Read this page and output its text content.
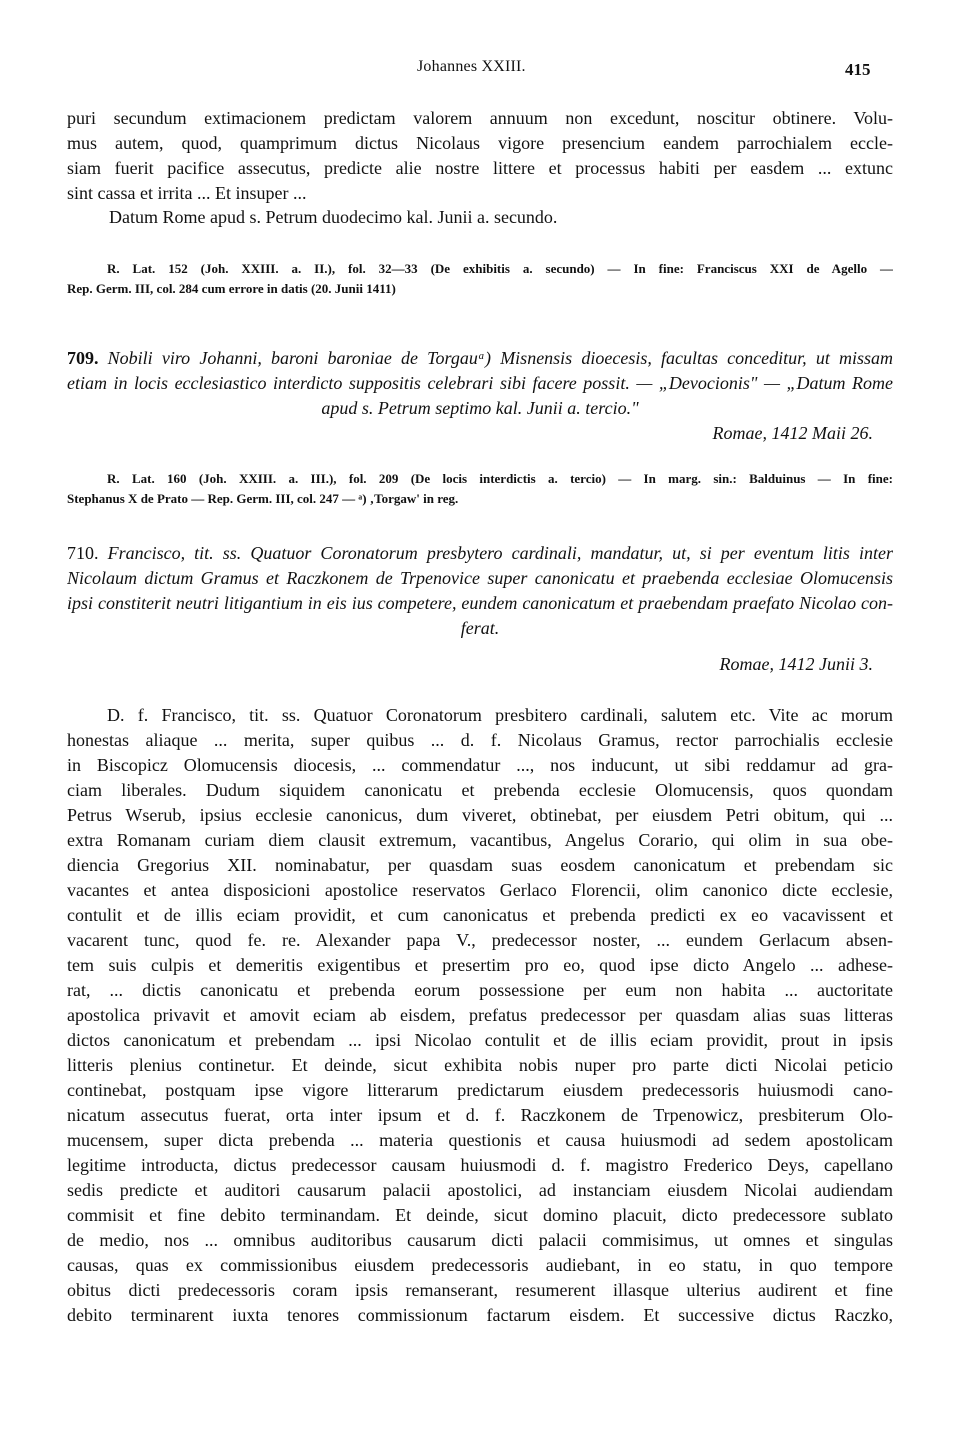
Johannes XXIII.	415
puri secundum extimacionem predictam valorem annuum non excedunt, noscitur obtinere. Volu-
mus autem, quod, quamprimum dictus Nicolaus vigore presencium eandem parrochialem eccle-
siam fuerit pacifice assecutus, predicte alie nostre littere et processus habiti per easdem ... extunc
sint cassa et irrita ... Et insuper ...
Datum Rome apud s. Petrum duodecimo kal. Junii a. secundo.
R. Lat. 152 (Joh. XXIII. a. II.), fol. 32—33 (De exhibitis a. secundo) — In fine: Franciscus XXI de Agello —
Rep. Germ. III, col. 284 cum errore in datis (20. Junii 1411)
709. Nobili viro Johanni, baroni baroniae de Torgauᵃ) Misnensis dioecesis, facultas conceditur, ut missam
etiam in locis ecclesiastico interdicto suppositis celebrari sibi facere possit. — „Devocionis" — „Datum Rome
apud s. Petrum septimo kal. Junii a. tercio."
Romae, 1412 Maii 26.
R. Lat. 160 (Joh. XXIII. a. III.), fol. 209 (De locis interdictis a. tercio) — In marg. sin.: Balduinus — In fine:
Stephanus X de Prato — Rep. Germ. III, col. 247 — ᵃ) ‚Torgaw' in reg.
710. Francisco, tit. ss. Quatuor Coronatorum presbytero cardinali, mandatur, ut, si per eventum litis inter
Nicolaum dictum Gramus et Raczkonem de Trpenovice super canonicatu et praebenda ecclesiae Olomucensis
ipsi constiterit neutri litigantium in eis ius competere, eundem canonicatum et praebendam praefato Nicolao con-
ferat.
Romae, 1412 Junii 3.
D. f. Francisco, tit. ss. Quatuor Coronatorum presbitero cardinali, salutem etc. Vite ac morum
honestas aliaque ... merita, super quibus ... d. f. Nicolaus Gramus, rector parrochialis ecclesie
in Biscopicz Olomucensis diocesis, ... commendatur ..., nos inducunt, ut sibi reddamur ad gra-
ciam liberales. Dudum siquidem canonicatu et prebenda ecclesie Olomucensis, quos quondam
Petrus Wserub, ipsius ecclesie canonicus, dum viveret, obtinebat, per eiusdem Petri obitum, qui ...
extra Romanam curiam diem clausit extremum, vacantibus, Angelus Corario, qui olim in sua obe-
diencia Gregorius XII. nominabatur, per quasdam suas eosdem canonicatum et prebendam sic
vacantes et antea disposicioni apostolice reservatos Gerlaco Florencii, olim canonico dicte ecclesie,
contulit et de illis eciam providit, et cum canonicatus et prebenda predicti ex eo vacavissent et
vacarent tunc, quod fe. re. Alexander papa V., predecessor noster, ... eundem Gerlacum absen-
tem suis culpis et demeritis exigentibus et presertim pro eo, quod ipse dicto Angelo ... adhese-
rat, ... dictis canonicatu et prebenda eorum possessione per eum non habita ... auctoritate
apostolica privavit et amovit eciam ab eisdem, prefatus predecessor per quasdam alias suas litteras
dictos canonicatum et prebendam ... ipsi Nicolao contulit et de illis eciam providit, prout in ipsis
litteris plenius continetur. Et deinde, sicut exhibita nobis nuper pro parte dicti Nicolai peticio
continebat, postquam ipse vigore litterarum predictarum eiusdem predecessoris huiusmodi cano-
nicatum assecutus fuerat, orta inter ipsum et d. f. Raczkonem de Trpenowicz, presbiterum Olo-
mucensem, super dicta prebenda ... materia questionis et causa huiusmodi ad sedem apostolicam
legitime introducta, dictus predecessor causam huiusmodi d. f. magistro Frederico Deys, capellano
sedis predicte et auditori causarum palacii apostolici, ad instanciam eiusdem Nicolai audiendam
commisit et fine debito terminandam. Et deinde, sicut domino placuit, dicto predecessore sublato
de medio, nos ... omnibus auditoribus causarum dicti palacii commisimus, ut omnes et singulas
causas, quas ex commissionibus eiusdem predecessoris audiebant, in eo statu, in quo tempore
obitus dicti predecessoris coram ipsis remanserant, resumerent illasque ulterius audirent et fine
debito terminarent iuxta tenores commissionum factarum eisdem. Et successive dictus Raczko,
